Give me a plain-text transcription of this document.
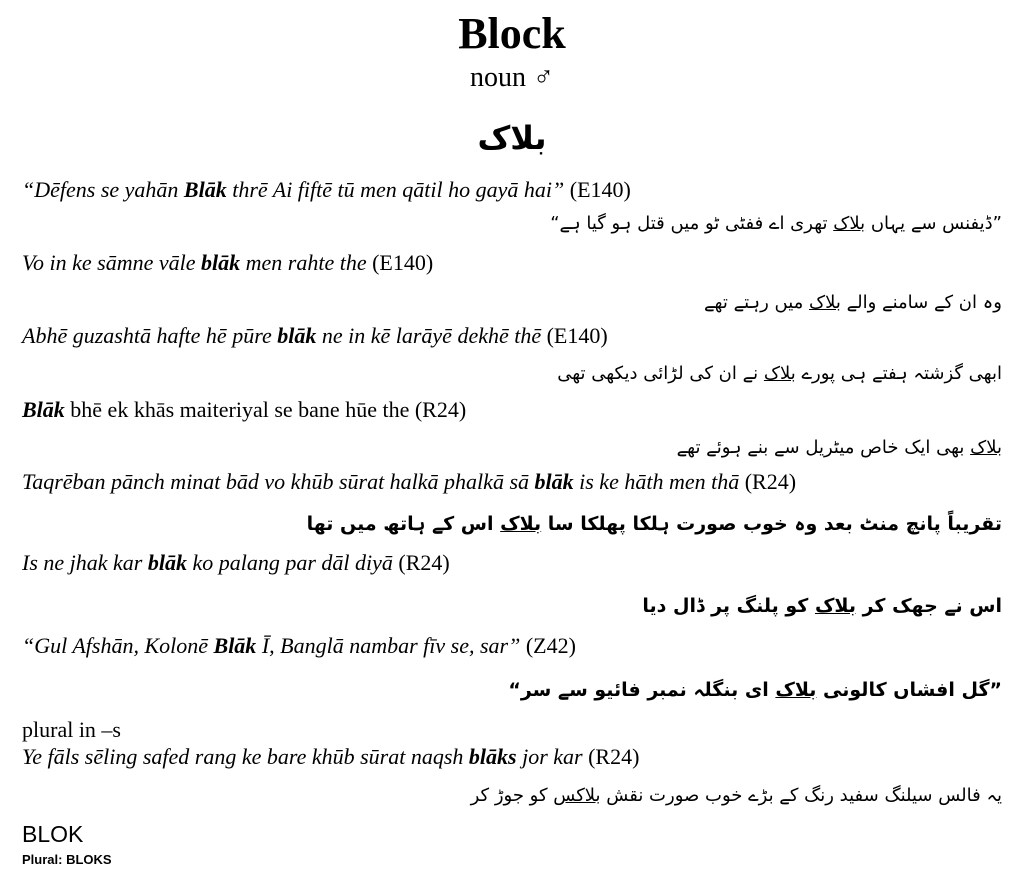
Block
noun ♂
بلاک
“Dēfens se yahān Blāk thrē Ai fiftē tū men qātil ho gayā hai” (E140)
”ڈیفنس سے یہاں بلاک تھری اے ففٹی ٹو میں قتل ہو گیا ہے“
Vo in ke sāmne vāle blāk men rahte the (E140)
وہ ان کے سامنے والے بلاک میں رہتے تھے
Abhē guzashtā hafte hē pūre blāk ne in kē larāyē dekhē thē (E140)
ابھی گزشتہ ہفتے ہی پورے بلاک نے ان کی لڑائی دیکھی تھی
Blāk bhē ek khās maiteriyal se bane hūe the (R24)
بلاک بھی ایک خاص میٹریل سے بنے ہوئے تھے
Taqrēban pānch minat bād vo khūb sūrat halkā phalkā sā blāk is ke hāth men thā (R24)
تقریباً پانچ منٹ بعد وہ خوب صورت ہلکا پھلکا سا بلاک اس کے ہاتھ میں تھا
Is ne jhak kar blāk ko palang par dāl diyā (R24)
اس نے جھک کر بلاک کو پلنگ پر ڈال دیا
“Gul Afshān, Kolonē Blāk Ī, Banglā nambar fīv se, sar” (Z42)
”گل افشاں کالونی بلاک ای بنگلہ نمبر فائیو سے سر“
plural in –s
Ye fāls sēling safed rang ke bare khūb sūrat naqsh blāks jor kar (R24)
یہ فالس سیلنگ سفید رنگ کے بڑے خوب صورت نقش بلاکس کو جوڑ کر
BLOK
Plural: BLOKS
